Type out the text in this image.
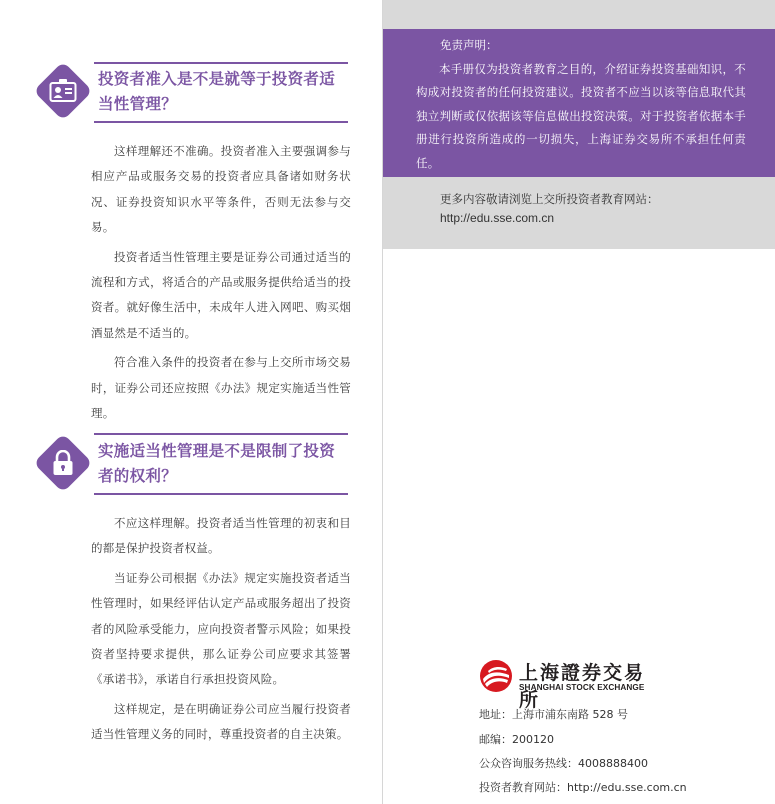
投资者准入是不是就等于投资者适当性管理？

这样理解还不准确。投资者准入主要强调参与相应产品或服务交易的投资者应具备诸如财务状况、证券投资知识水平等条件，否则无法参与交易。

投资者适当性管理主要是证券公司通过适当的流程和方式，将适合的产品或服务提供给适当的投资者。就好像生活中，未成年人进入网吧、购买烟酒显然是不适当的。

符合准入条件的投资者在参与上交所市场交易时，证券公司还应按照《办法》规定实施适当性管理。

实施适当性管理是不是限制了投资者的权利？

不应这样理解。投资者适当性管理的初衷和目的都是保护投资者权益。

当证券公司根据《办法》规定实施投资者适当性管理时，如果经评估认定产品或服务超出了投资者的风险承受能力，应向投资者警示风险；如果投资者坚持要求提供，那么证券公司应要求其签署《承诺书》，承诺自行承担投资风险。

这样规定，是在明确证券公司应当履行投资者适当性管理义务的同时，尊重投资者的自主决策。

免责声明：

本手册仅为投资者教育之目的，介绍证券投资基础知识，不构成对投资者的任何投资建议。投资者不应当以该等信息取代其独立判断或仅依据该等信息做出投资决策。对于投资者依据本手册进行投资所造成的一切损失，上海证券交易所不承担任何责任。

更多内容敬请浏览上交所投资者教育网站：
http://edu.sse.com.cn
上海證券交易所
SHANGHAI STOCK EXCHANGE
地址：上海市浦东南路 528 号
邮编：200120
公众咨询服务热线：4008888400
投资者教育网站：http://edu.sse.com.cn
